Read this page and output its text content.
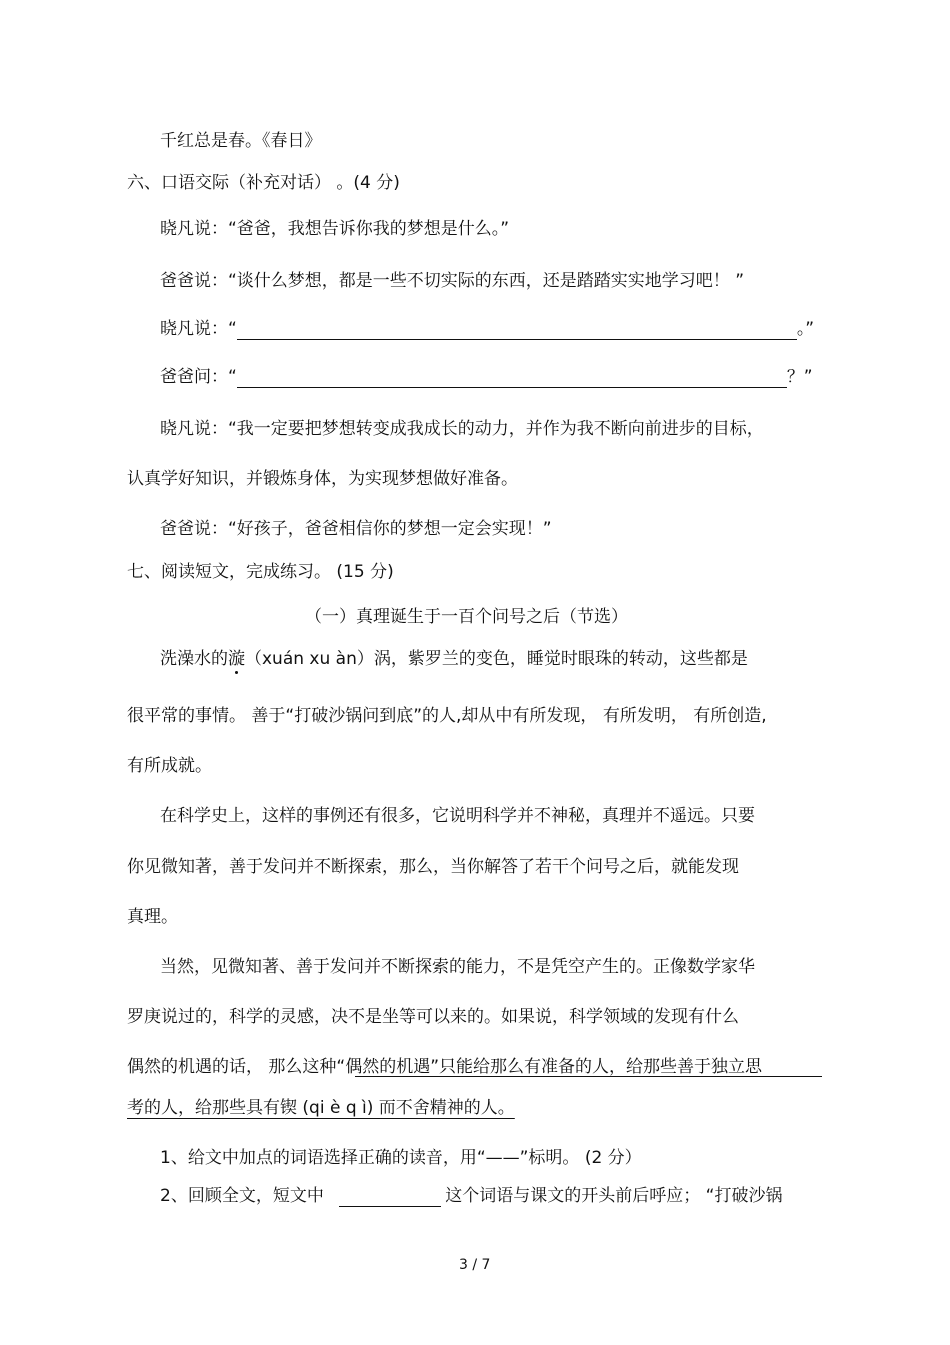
千红总是春。《春日》
六、口语交际（补充对话） 。(4 分)
晓凡说：“爸爸，我想告诉你我的梦想是什么。”
爸爸说：“谈什么梦想，都是一些不切实际的东西，还是踏踏实实地学习吧！ ”
晓凡说：“	。”
爸爸问：“	？”
晓凡说：“我一定要把梦想转变成我成长的动力，并作为我不断向前进步的目标，
认真学好知识，并锻炼身体，为实现梦想做好准备。
爸爸说：“好孩子，爸爸相信你的梦想一定会实现！”
七、阅读短文，完成练习。 (15 分)
（一）真理诞生于一百个问号之后（节选）
洗澡水的漩（xuán xu àn）涡，紫罗兰的变色，睡觉时眼珠的转动，这些都是
很平常的事情。 善于“打破沙锅问到底”的人,却从中有所发现， 有所发明， 有所创造,
有所成就。
在科学史上，这样的事例还有很多，它说明科学并不神秘，真理并不遥远。只要
你见微知著，善于发问并不断探索，那么，当你解答了若干个问号之后，就能发现
真理。
当然，见微知著、善于发问并不断探索的能力，不是凭空产生的。正像数学家华
罗庚说过的，科学的灵感，决不是坐等可以来的。如果说，科学领域的发现有什么
偶然的机遇的话， 那么这种“偶然的机遇”只能给那么有准备的人，给那些善于独立思
考的人，给那些具有锲 (qi è q ì) 而不舍精神的人。
1、给文中加点的词语选择正确的读音，用“——”标明。 (2 分）
2、回顾全文，短文中	这个词语与课文的开头前后呼应； “打破沙锅
3 / 7
